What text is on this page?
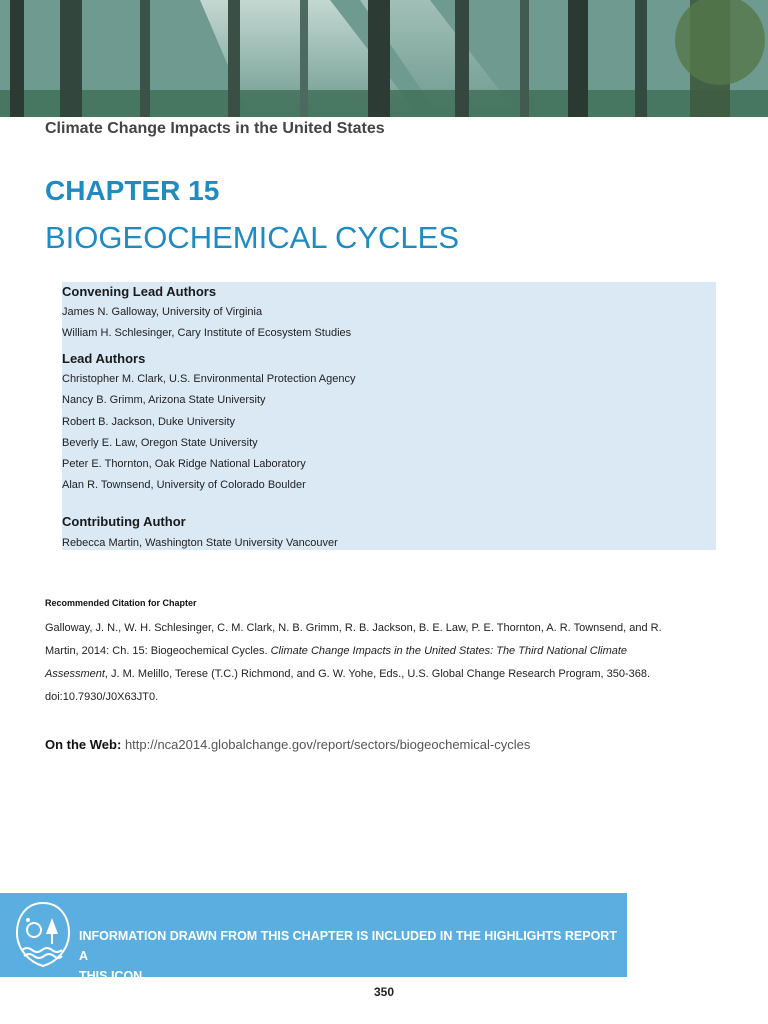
Climate Change Impacts in the United States
CHAPTER 15
BIOGEOCHEMICAL CYCLES
Convening Lead Authors
James N. Galloway, University of Virginia
William H. Schlesinger, Cary Institute of Ecosystem Studies
Lead Authors
Christopher M. Clark, U.S. Environmental Protection Agency
Nancy B. Grimm, Arizona State University
Robert B. Jackson, Duke University
Beverly E. Law, Oregon State University
Peter E. Thornton, Oak Ridge National Laboratory
Alan R. Townsend, University of Colorado Boulder
Contributing Author
Rebecca Martin, Washington State University Vancouver
Recommended Citation for Chapter
Galloway, J. N., W. H. Schlesinger, C. M. Clark, N. B. Grimm, R. B. Jackson, B. E. Law, P. E. Thornton, A. R. Townsend, and R. Martin, 2014: Ch. 15: Biogeochemical Cycles. Climate Change Impacts in the United States: The Third National Climate Assessment, J. M. Melillo, Terese (T.C.) Richmond, and G. W. Yohe, Eds., U.S. Global Change Research Program, 350-368. doi:10.7930/J0X63JT0.
On the Web: http://nca2014.globalchange.gov/report/sectors/biogeochemical-cycles
INFORMATION DRAWN FROM THIS CHAPTER IS INCLUDED IN THE HIGHLIGHTS REPORT A
THIS ICON
350
